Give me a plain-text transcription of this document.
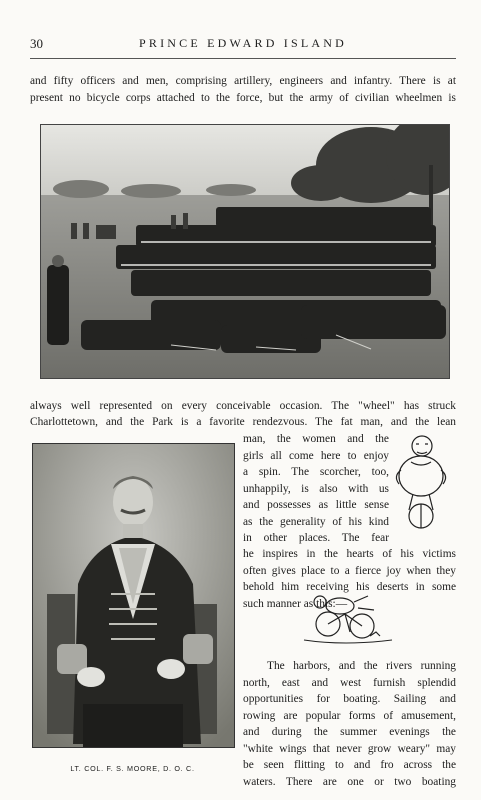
30	PRINCE EDWARD ISLAND
and fifty officers and men, comprising artillery, engineers and infantry. There is at
present no bicycle corps attached to the force, but the army of civilian wheelmen is
always well represented on every conceivable occasion. The "wheel" has struck
Charlottetown, and the Park is a favorite rendezvous. The fat man, and the lean
LT. COL. F. S. MOORE, D. O. C.
man, the women and the
girls all come here to enjoy
a spin. The scorcher, too,
unhappily, is also with us
and possesses as little sense
as the generality of his kind
in other places. The fear
he inspires in the hearts of his victims
often gives place to a fierce joy when they
behold him receiving his deserts in some
such manner as this:—
The harbors, and the rivers running
north, east and west furnish splendid
opportunities for boating. Sailing and
rowing are popular forms of amusement,
and during the summer evenings the
"white wings that never grow weary" may
be seen flitting to and fro across the
waters. There are one or two boating
